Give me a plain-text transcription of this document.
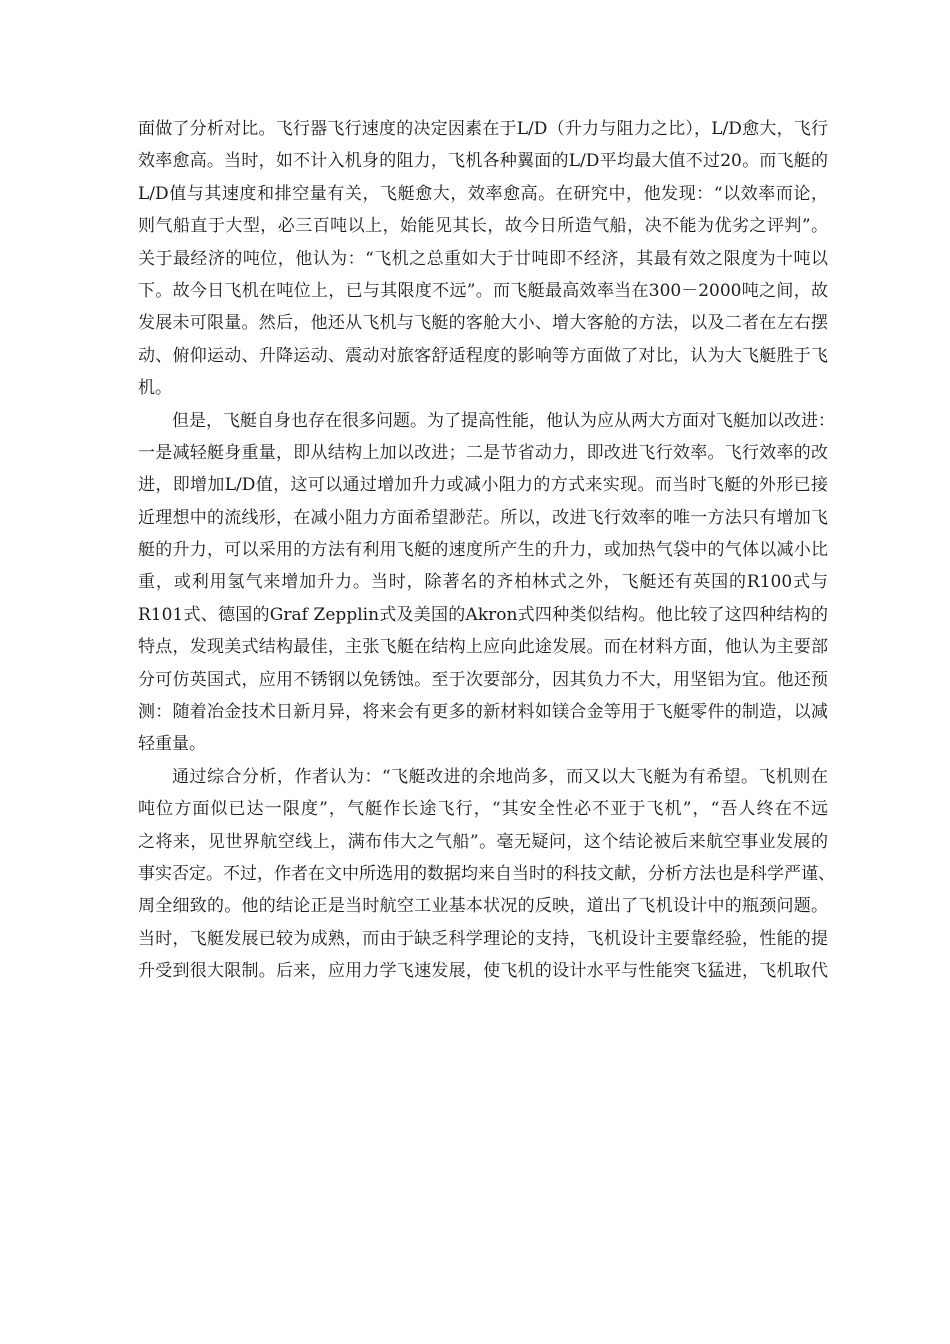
面做了分析对比。飞行器飞行速度的决定因素在于L/D（升力与阻力之比），L/D愈大，飞行
效率愈高。当时，如不计入机身的阻力，飞机各种翼面的L/D平均最大值不过20。而飞艇的
L/D值与其速度和排空量有关，飞艇愈大，效率愈高。在研究中，他发现：“以效率而论，
则气船直于大型，必三百吨以上，始能见其长，故今日所造气船，决不能为优劣之评判”。
关于最经济的吨位，他认为：“飞机之总重如大于廿吨即不经济，其最有效之限度为十吨以
下。故今日飞机在吨位上，已与其限度不远”。而飞艇最高效率当在300－2000吨之间，故
发展未可限量。然后，他还从飞机与飞艇的客舱大小、增大客舱的方法，以及二者在左右摆
动、俯仰运动、升降运动、震动对旅客舒适程度的影响等方面做了对比，认为大飞艇胜于飞
机。
但是，飞艇自身也存在很多问题。为了提高性能，他认为应从两大方面对飞艇加以改进：
一是减轻艇身重量，即从结构上加以改进；二是节省动力，即改进飞行效率。飞行效率的改
进，即增加L/D值，这可以通过增加升力或减小阻力的方式来实现。而当时飞艇的外形已接
近理想中的流线形，在减小阻力方面希望渺茫。所以，改进飞行效率的唯一方法只有增加飞
艇的升力，可以采用的方法有利用飞艇的速度所产生的升力，或加热气袋中的气体以减小比
重，或利用氢气来增加升力。当时，除著名的齐柏林式之外，飞艇还有英国的R100式与
R101式、德国的Graf Zepplin式及美国的Akron式四种类似结构。他比较了这四种结构的
特点，发现美式结构最佳，主张飞艇在结构上应向此途发展。而在材料方面，他认为主要部
分可仿英国式，应用不锈钢以免锈蚀。至于次要部分，因其负力不大，用坚铝为宜。他还预
测：随着冶金技术日新月异，将来会有更多的新材料如镁合金等用于飞艇零件的制造，以减
轻重量。
通过综合分析，作者认为：“飞艇改进的余地尚多，而又以大飞艇为有希望。飞机则在
吨位方面似已达一限度”，气艇作长途飞行，“其安全性必不亚于飞机”，“吾人终在不远
之将来，见世界航空线上，满布伟大之气船”。毫无疑问，这个结论被后来航空事业发展的
事实否定。不过，作者在文中所选用的数据均来自当时的科技文献，分析方法也是科学严谨、
周全细致的。他的结论正是当时航空工业基本状况的反映，道出了飞机设计中的瓶颈问题。
当时，飞艇发展已较为成熟，而由于缺乏科学理论的支持，飞机设计主要靠经验，性能的提
升受到很大限制。后来，应用力学飞速发展，使飞机的设计水平与性能突飞猛进，飞机取代
